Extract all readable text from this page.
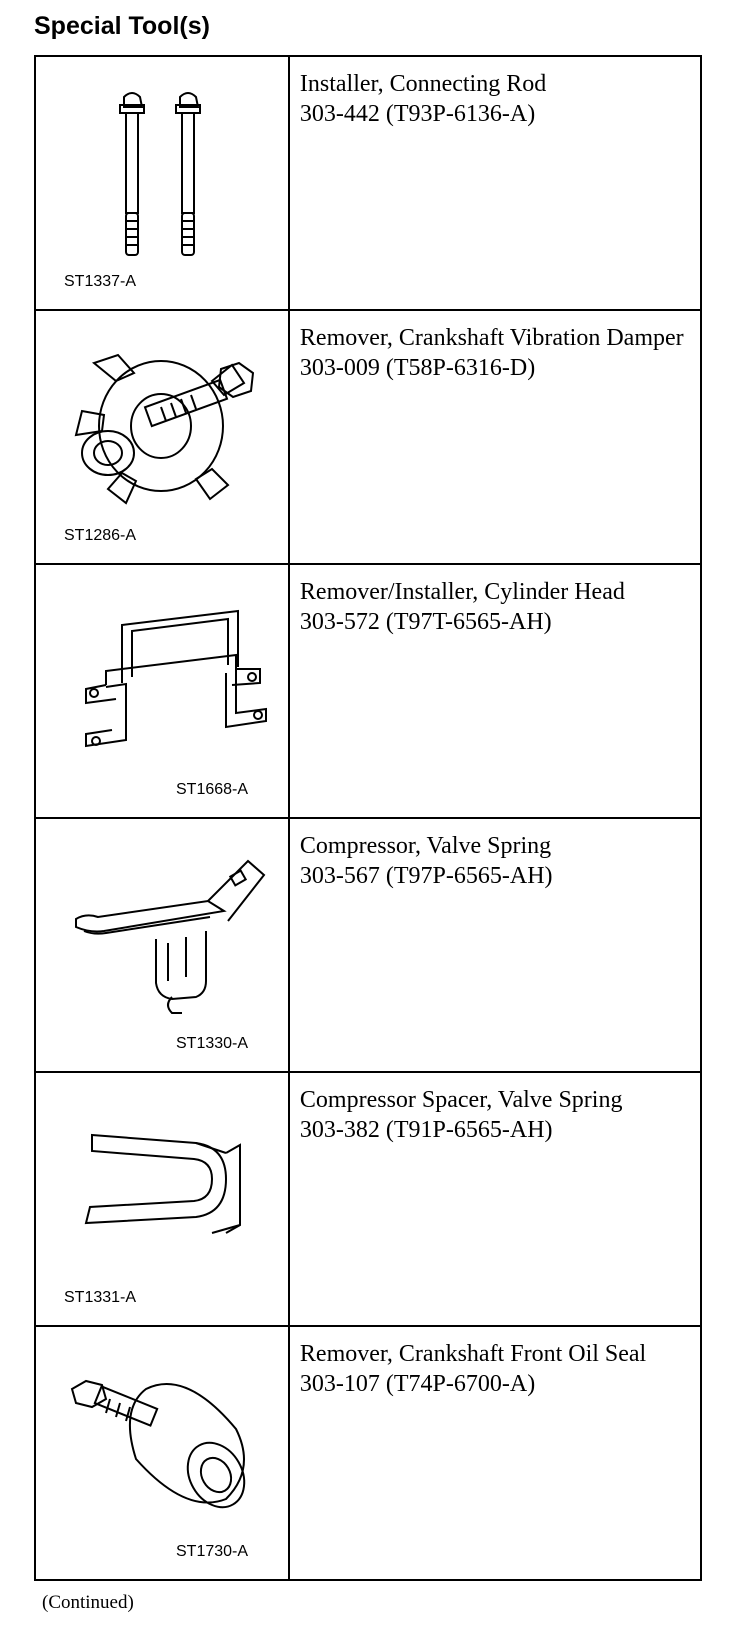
Special Tool(s)
ST1337-A	Installer, Connecting Rod
303-442 (T93P-6136-A)

ST1286-A	Remover, Crankshaft Vibration Damper
303-009 (T58P-6316-D)

ST1668-A	Remover/Installer, Cylinder Head
303-572 (T97T-6565-AH)

ST1330-A	Compressor, Valve Spring
303-567 (T97P-6565-AH)

ST1331-A	Compressor Spacer, Valve Spring
303-382 (T91P-6565-AH)

ST1730-A	Remover, Crankshaft Front Oil Seal
303-107 (T74P-6700-A)
(Continued)
